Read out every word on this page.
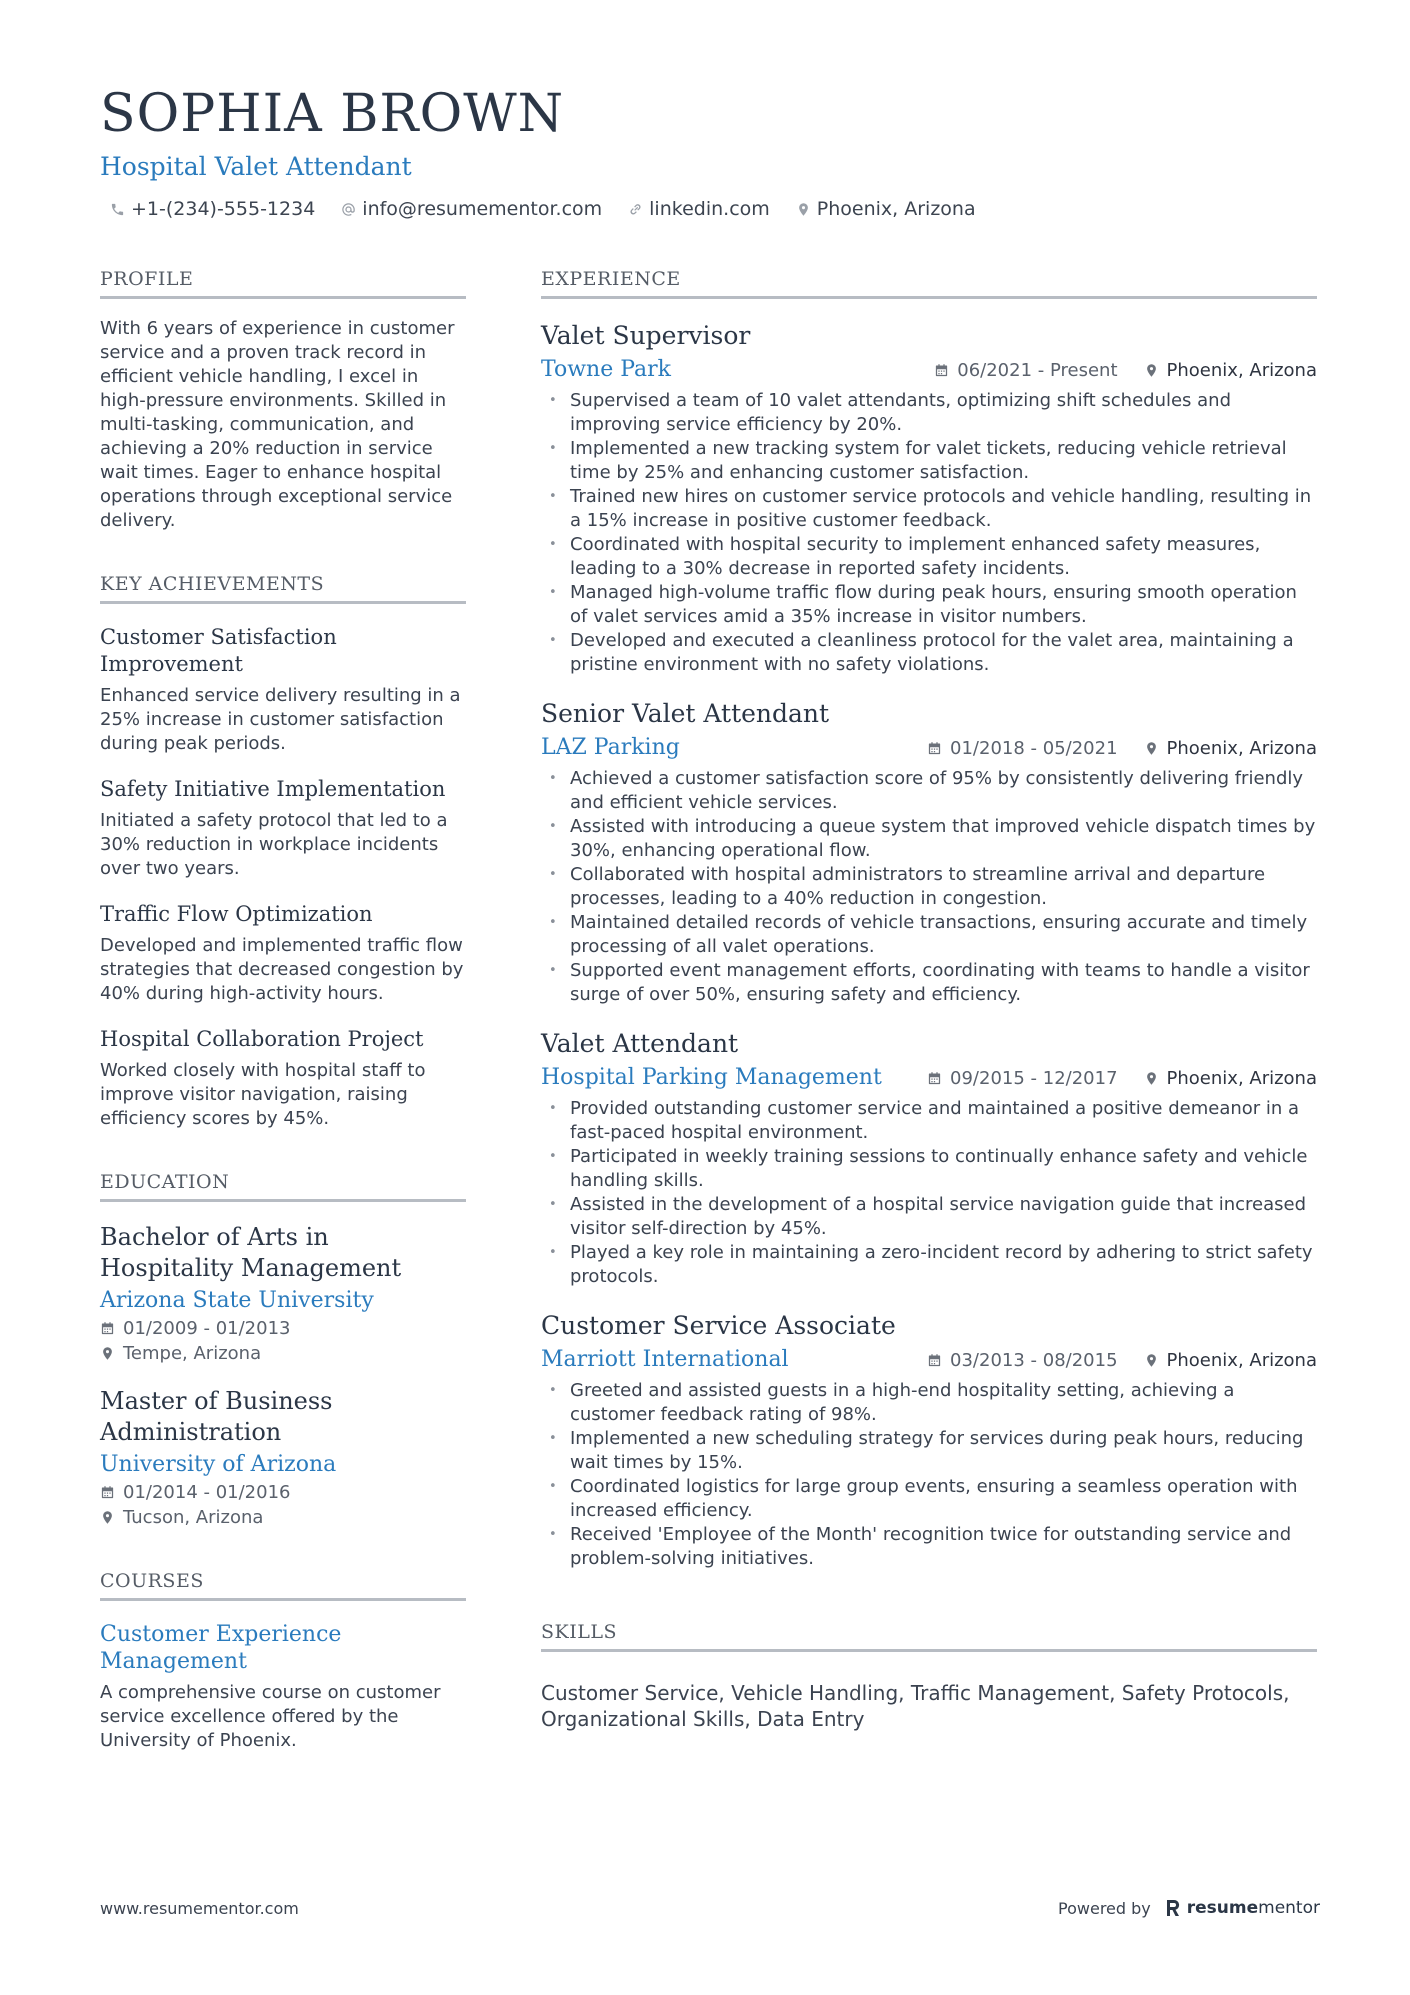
SOPHIA BROWN
Hospital Valet Attendant
+1-(234)-555-1234 info@resumementor.com linkedin.com Phoenix, Arizona
PROFILE
With 6 years of experience in customer service and a proven track record in efficient vehicle handling, I excel in high-pressure environments. Skilled in multi-tasking, communication, and achieving a 20% reduction in service wait times. Eager to enhance hospital operations through exceptional service delivery.
KEY ACHIEVEMENTS
Customer Satisfaction Improvement
Enhanced service delivery resulting in a 25% increase in customer satisfaction during peak periods.
Safety Initiative Implementation
Initiated a safety protocol that led to a 30% reduction in workplace incidents over two years.
Traffic Flow Optimization
Developed and implemented traffic flow strategies that decreased congestion by 40% during high-activity hours.
Hospital Collaboration Project
Worked closely with hospital staff to improve visitor navigation, raising efficiency scores by 45%.
EDUCATION
Bachelor of Arts in Hospitality Management
Arizona State University
01/2009 - 01/2013
Tempe, Arizona
Master of Business Administration
University of Arizona
01/2014 - 01/2016
Tucson, Arizona
COURSES
Customer Experience Management
A comprehensive course on customer service excellence offered by the University of Phoenix.
EXPERIENCE
Valet Supervisor
Towne Park	06/2021 - Present	Phoenix, Arizona
• Supervised a team of 10 valet attendants, optimizing shift schedules and improving service efficiency by 20%.
• Implemented a new tracking system for valet tickets, reducing vehicle retrieval time by 25% and enhancing customer satisfaction.
• Trained new hires on customer service protocols and vehicle handling, resulting in a 15% increase in positive customer feedback.
• Coordinated with hospital security to implement enhanced safety measures, leading to a 30% decrease in reported safety incidents.
• Managed high-volume traffic flow during peak hours, ensuring smooth operation of valet services amid a 35% increase in visitor numbers.
• Developed and executed a cleanliness protocol for the valet area, maintaining a pristine environment with no safety violations.
Senior Valet Attendant
LAZ Parking	01/2018 - 05/2021	Phoenix, Arizona
• Achieved a customer satisfaction score of 95% by consistently delivering friendly and efficient vehicle services.
• Assisted with introducing a queue system that improved vehicle dispatch times by 30%, enhancing operational flow.
• Collaborated with hospital administrators to streamline arrival and departure processes, leading to a 40% reduction in congestion.
• Maintained detailed records of vehicle transactions, ensuring accurate and timely processing of all valet operations.
• Supported event management efforts, coordinating with teams to handle a visitor surge of over 50%, ensuring safety and efficiency.
Valet Attendant
Hospital Parking Management	09/2015 - 12/2017	Phoenix, Arizona
• Provided outstanding customer service and maintained a positive demeanor in a fast-paced hospital environment.
• Participated in weekly training sessions to continually enhance safety and vehicle handling skills.
• Assisted in the development of a hospital service navigation guide that increased visitor self-direction by 45%.
• Played a key role in maintaining a zero-incident record by adhering to strict safety protocols.
Customer Service Associate
Marriott International	03/2013 - 08/2015	Phoenix, Arizona
• Greeted and assisted guests in a high-end hospitality setting, achieving a customer feedback rating of 98%.
• Implemented a new scheduling strategy for services during peak hours, reducing wait times by 15%.
• Coordinated logistics for large group events, ensuring a seamless operation with increased efficiency.
• Received 'Employee of the Month' recognition twice for outstanding service and problem-solving initiatives.
SKILLS
Customer Service, Vehicle Handling, Traffic Management, Safety Protocols, Organizational Skills, Data Entry
www.resumementor.com	Powered by resumementor
